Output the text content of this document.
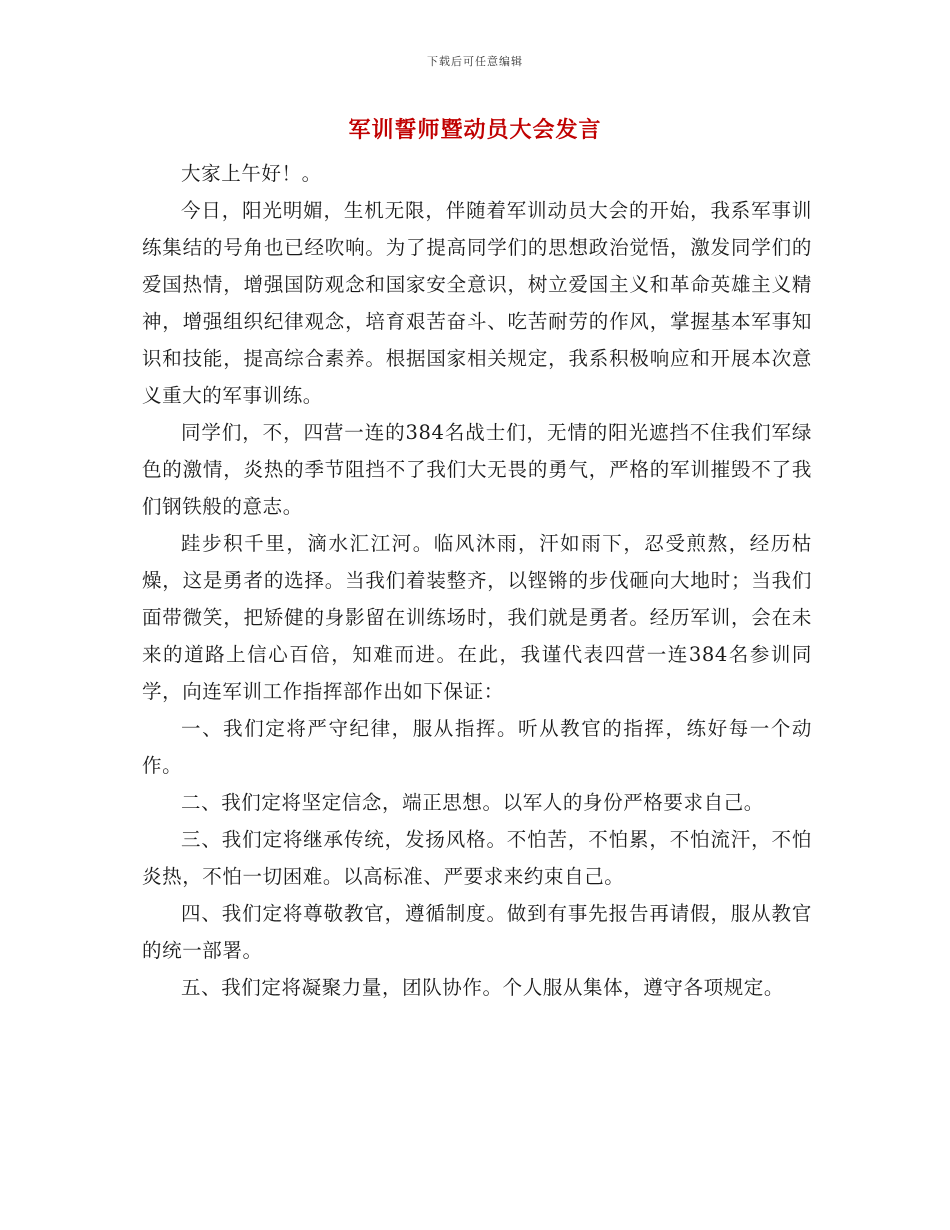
下载后可任意编辑
军训誓师暨动员大会发言

大家上午好！。

今日，阳光明媚，生机无限，伴随着军训动员大会的开始，我系军事训练集结的号角也已经吹响。为了提高同学们的思想政治觉悟，激发同学们的爱国热情，增强国防观念和国家安全意识，树立爱国主义和革命英雄主义精神，增强组织纪律观念，培育艰苦奋斗、吃苦耐劳的作风，掌握基本军事知识和技能，提高综合素养。根据国家相关规定，我系积极响应和开展本次意义重大的军事训练。

同学们，不，四营一连的384名战士们，无情的阳光遮挡不住我们军绿色的激情，炎热的季节阻挡不了我们大无畏的勇气，严格的军训摧毁不了我们钢铁般的意志。

跬步积千里，滴水汇江河。临风沐雨，汗如雨下，忍受煎熬，经历枯燥，这是勇者的选择。当我们着装整齐，以铿锵的步伐砸向大地时；当我们面带微笑，把矫健的身影留在训练场时，我们就是勇者。经历军训，会在未来的道路上信心百倍，知难而进。在此，我谨代表四营一连384名参训同学，向连军训工作指挥部作出如下保证：

一、我们定将严守纪律，服从指挥。听从教官的指挥，练好每一个动作。

二、我们定将坚定信念，端正思想。以军人的身份严格要求自己。

三、我们定将继承传统，发扬风格。不怕苦，不怕累，不怕流汗，不怕炎热，不怕一切困难。以高标准、严要求来约束自己。

四、我们定将尊敬教官，遵循制度。做到有事先报告再请假，服从教官的统一部署。

五、我们定将凝聚力量，团队协作。个人服从集体，遵守各项规定。
